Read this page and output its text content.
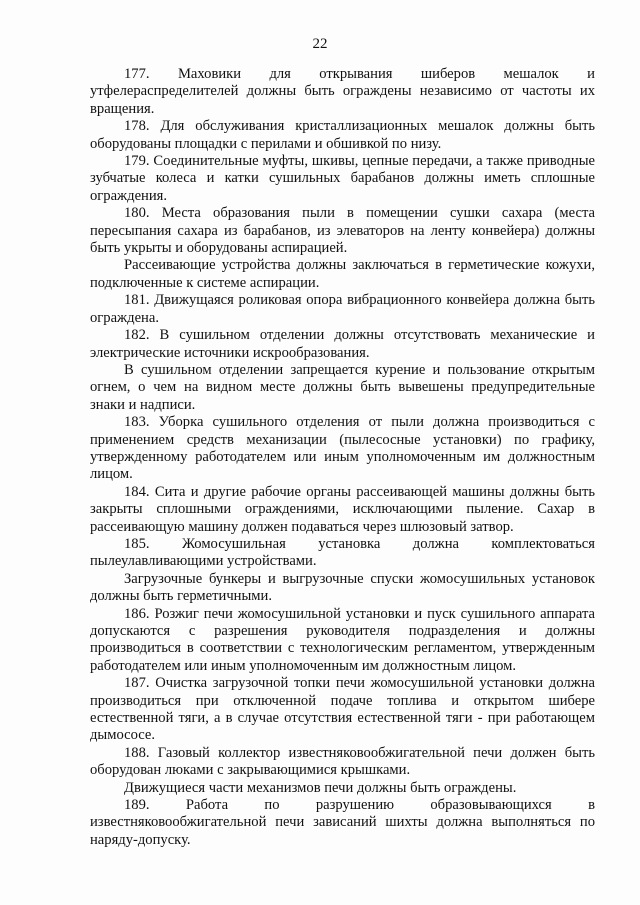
22

177. Маховики для открывания шиберов мешалок и утфелераспределителей должны быть ограждены независимо от частоты их вращения.

178. Для обслуживания кристаллизационных мешалок должны быть оборудованы площадки с перилами и обшивкой по низу.

179. Соединительные муфты, шкивы, цепные передачи, а также приводные зубчатые колеса и катки сушильных барабанов должны иметь сплошные ограждения.

180. Места образования пыли в помещении сушки сахара (места пересыпания сахара из барабанов, из элеваторов на ленту конвейера) должны быть укрыты и оборудованы аспирацией.

Рассеивающие устройства должны заключаться в герметические кожухи, подключенные к системе аспирации.

181. Движущаяся роликовая опора вибрационного конвейера должна быть ограждена.

182. В сушильном отделении должны отсутствовать механические и электрические источники искрообразования.

В сушильном отделении запрещается курение и пользование открытым огнем, о чем на видном месте должны быть вывешены предупредительные знаки и надписи.

183. Уборка сушильного отделения от пыли должна производиться с применением средств механизации (пылесосные установки) по графику, утвержденному работодателем или иным уполномоченным им должностным лицом.

184. Сита и другие рабочие органы рассеивающей машины должны быть закрыты сплошными ограждениями, исключающими пыление. Сахар в рассеивающую машину должен подаваться через шлюзовый затвор.

185. Жомосушильная установка должна комплектоваться пылеулавливающими устройствами.

Загрузочные бункеры и выгрузочные спуски жомосушильных установок должны быть герметичными.

186. Розжиг печи жомосушильной установки и пуск сушильного аппарата допускаются с разрешения руководителя подразделения и должны производиться в соответствии с технологическим регламентом, утвержденным работодателем или иным уполномоченным им должностным лицом.

187. Очистка загрузочной топки печи жомосушильной установки должна производиться при отключенной подаче топлива и открытом шибере естественной тяги, а в случае отсутствия естественной тяги - при работающем дымососе.

188. Газовый коллектор известняковообжигательной печи должен быть оборудован люками с закрывающимися крышками.

Движущиеся части механизмов печи должны быть ограждены.

189. Работа по разрушению образовывающихся в известняковообжигательной печи зависаний шихты должна выполняться по наряду-допуску.
